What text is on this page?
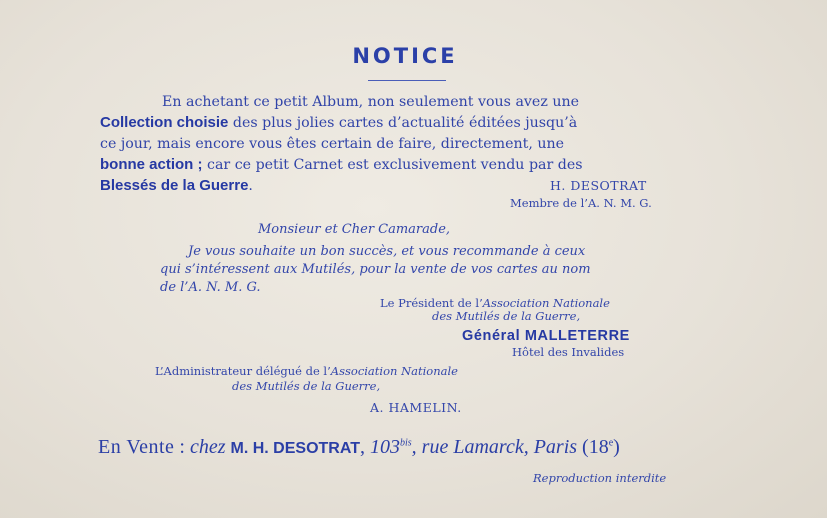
NOTICE
En achetant ce petit Album, non seulement vous avez une
Collection choisie des plus jolies cartes d’actualité éditées jusqu’à
ce jour, mais encore vous êtes certain de faire, directement, une
bonne action ; car ce petit Carnet est exclusivement vendu par des
Blessés de la Guerre.	H. DESOTRAT
Membre de l’A. N. M. G.
Monsieur et Cher Camarade,
Je vous souhaite un bon succès, et vous recommande à ceux
qui s’intéressent aux Mutilés, pour la vente de vos cartes au nom
de l’A. N. M. G.
Le Président de l’Association Nationale
des Mutilés de la Guerre,
Général MALLETERRE
Hôtel des Invalides
L’Administrateur délégué de l’Association Nationale
des Mutilés de la Guerre,
A. HAMELIN.
En Vente : chez M. H. DESOTRAT, $103^{bis}$, rue Lamarck, Paris (18e)
Reproduction interdite
